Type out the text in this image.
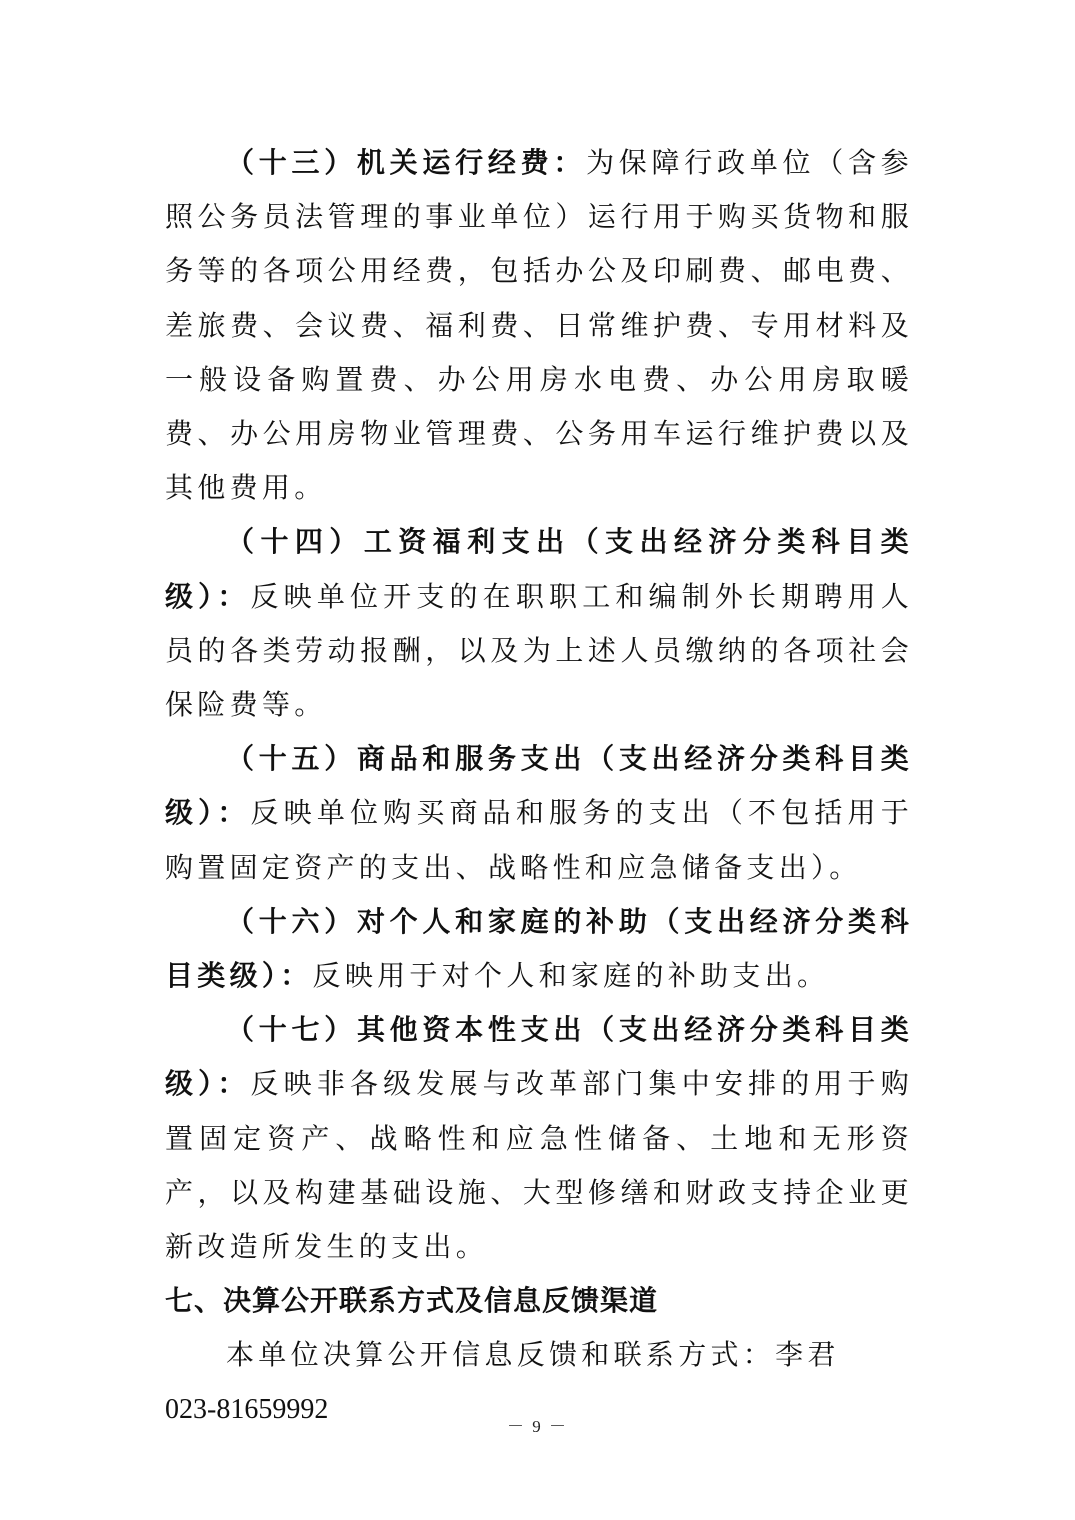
（十三）机关运行经费：为保障行政单位（含参照公务员法管理的事业单位）运行用于购买货物和服务等的各项公用经费，包括办公及印刷费、邮电费、差旅费、会议费、福利费、日常维护费、专用材料及一般设备购置费、办公用房水电费、办公用房取暖费、办公用房物业管理费、公务用车运行维护费以及其他费用。

（十四）工资福利支出（支出经济分类科目类级）：反映单位开支的在职职工和编制外长期聘用人员的各类劳动报酬，以及为上述人员缴纳的各项社会保险费等。

（十五）商品和服务支出（支出经济分类科目类级）：反映单位购买商品和服务的支出（不包括用于购置固定资产的支出、战略性和应急储备支出）。

（十六）对个人和家庭的补助（支出经济分类科目类级）：反映用于对个人和家庭的补助支出。

（十七）其他资本性支出（支出经济分类科目类级）：反映非各级发展与改革部门集中安排的用于购置固定资产、战略性和应急性储备、土地和无形资产，以及构建基础设施、大型修缮和财政支持企业更新改造所发生的支出。

七、决算公开联系方式及信息反馈渠道

本单位决算公开信息反馈和联系方式：李君

023-81659992

－ 9 －
